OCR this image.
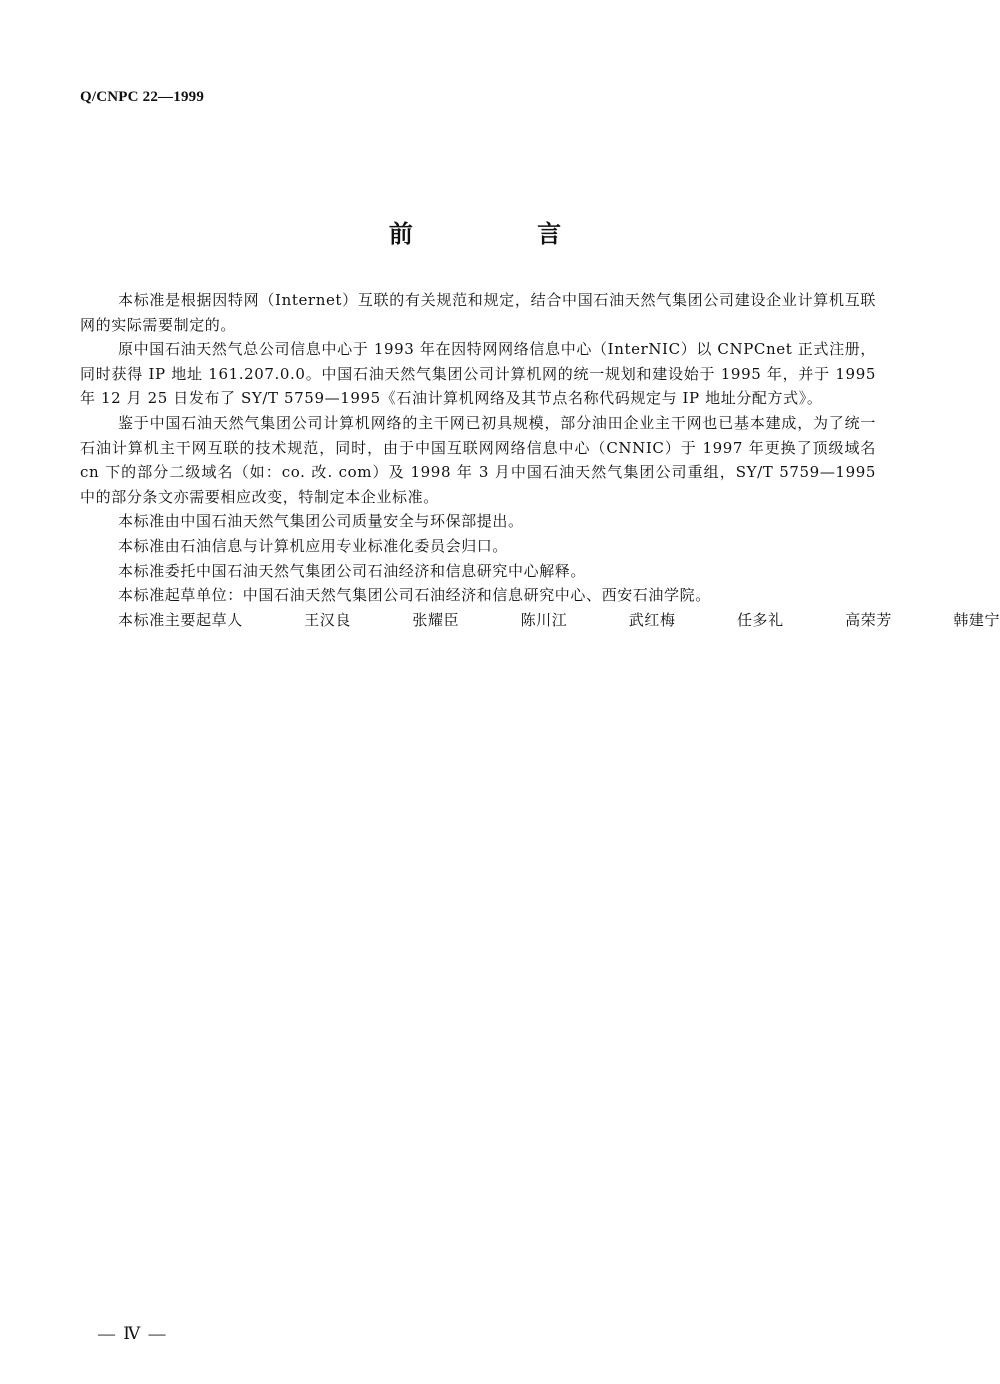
Q/CNPC 22—1999
前 言

本标准是根据因特网（Internet）互联的有关规范和规定，结合中国石油天然气集团公司建设企业计算机互联网的实际需要制定的。

原中国石油天然气总公司信息中心于 1993 年在因特网网络信息中心（InterNIC）以 CNPCnet 正式注册，同时获得 IP 地址 161.207.0.0。中国石油天然气集团公司计算机网的统一规划和建设始于 1995 年，并于 1995 年 12 月 25 日发布了 SY/T 5759—1995《石油计算机网络及其节点名称代码规定与 IP 地址分配方式》。

鉴于中国石油天然气集团公司计算机网络的主干网已初具规模，部分油田企业主干网也已基本建成，为了统一石油计算机主干网互联的技术规范，同时，由于中国互联网网络信息中心（CNNIC）于 1997 年更换了顶级域名 cn 下的部分二级域名（如：co. 改. com）及 1998 年 3 月中国石油天然气集团公司重组，SY/T 5759—1995 中的部分条文亦需要相应改变，特制定本企业标准。

本标准由中国石油天然气集团公司质量安全与环保部提出。

本标准由石油信息与计算机应用专业标准化委员会归口。

本标准委托中国石油天然气集团公司石油经济和信息研究中心解释。

本标准起草单位：中国石油天然气集团公司石油经济和信息研究中心、西安石油学院。

本标准主要起草人	王汉良	张耀臣	陈川江	武红梅	任多礼	高荣芳	韩建宁

— Ⅳ —
